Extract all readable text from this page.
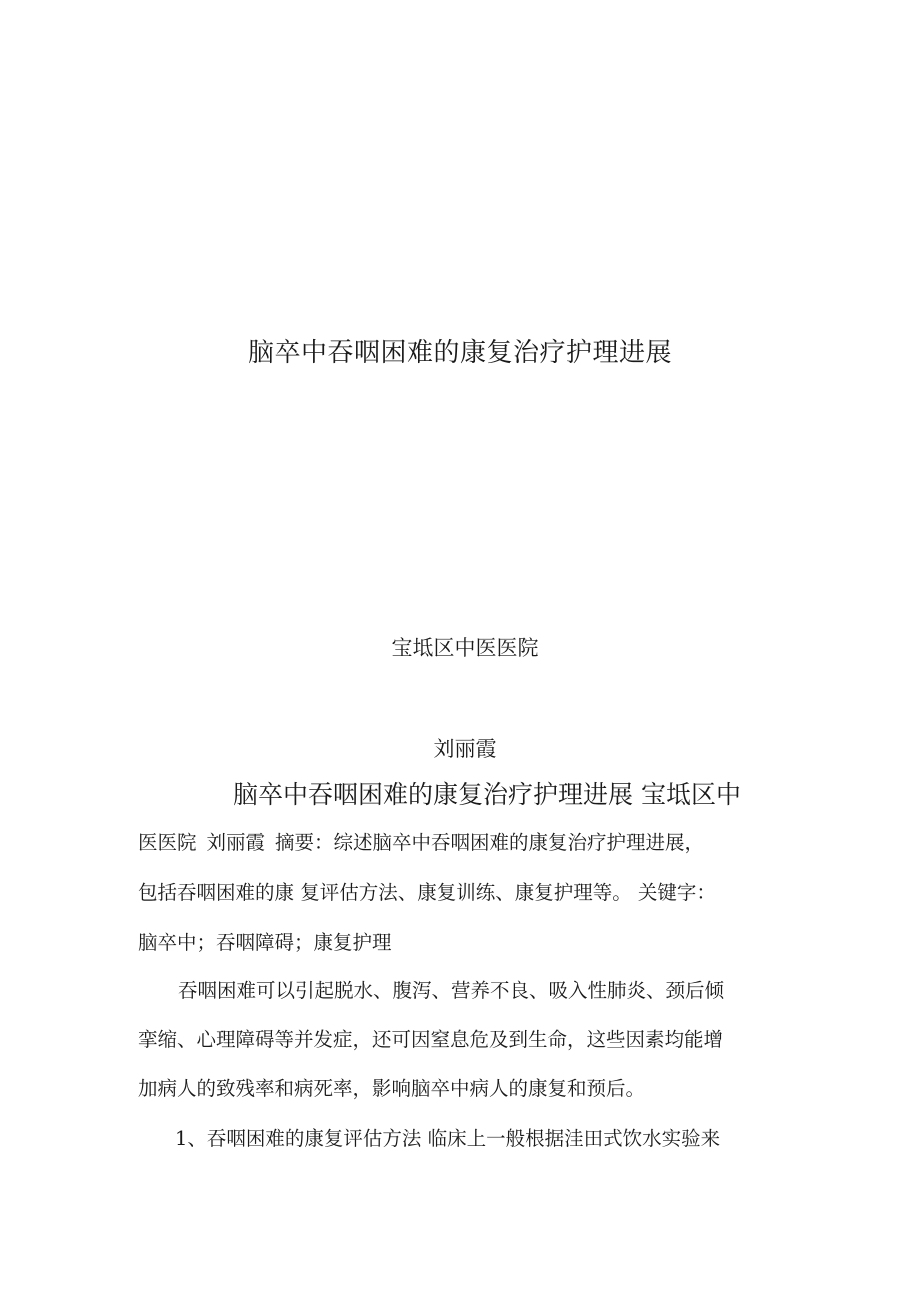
脑卒中吞咽困难的康复治疗护理进展
宝坻区中医医院
刘丽霞
脑卒中吞咽困难的康复治疗护理进展 宝坻区中
医医院 刘丽霞 摘要：综述脑卒中吞咽困难的康复治疗护理进展，
包括吞咽困难的康 复评估方法、康复训练、康复护理等。 关键字：
脑卒中；吞咽障碍；康复护理
吞咽困难可以引起脱水、腹泻、营养不良、吸入性肺炎、颈后倾
挛缩、心理障碍等并发症，还可因窒息危及到生命，这些因素均能增
加病人的致残率和病死率，影响脑卒中病人的康复和预后。
1、吞咽困难的康复评估方法 临床上一般根据洼田式饮水实验来
